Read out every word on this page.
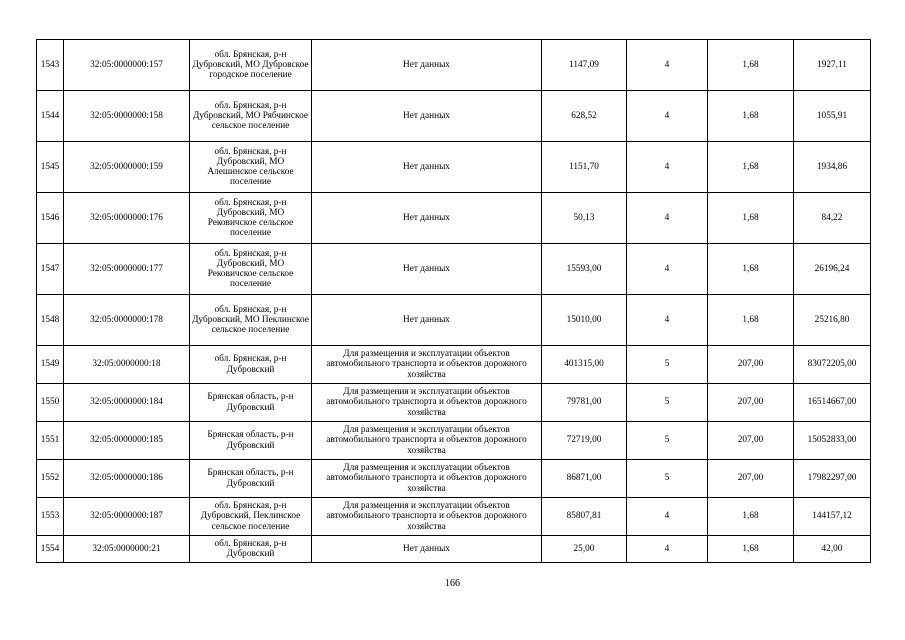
1543	32:05:0000000:157	обл. Брянская, р-н Дубровский, МО Дубровское городское поселение	Нет данных	1147,09	4	1,68	1927,11
1544	32:05:0000000:158	обл. Брянская, р-н Дубровский, МО Рябчинское сельское поселение	Нет данных	628,52	4	1,68	1055,91
1545	32:05:0000000:159	обл. Брянская, р-н Дубровский, МО Алешинское сельское поселение	Нет данных	1151,70	4	1,68	1934,86
1546	32:05:0000000:176	обл. Брянская, р-н Дубровский, МО Рековичское сельское поселение	Нет данных	50,13	4	1,68	84,22
1547	32:05:0000000:177	обл. Брянская, р-н Дубровский, МО Рековичское сельское поселение	Нет данных	15593,00	4	1,68	26196,24
1548	32:05:0000000:178	обл. Брянская, р-н Дубровский, МО Пеклинское сельское поселение	Нет данных	15010,00	4	1,68	25216,80
1549	32:05:0000000:18	обл. Брянская, р-н Дубровский	Для размещения и эксплуатации объектов автомобильного транспорта и объектов дорожного хозяйства	401315,00	5	207,00	83072205,00
1550	32:05:0000000:184	Брянская область, р-н Дубровский	Для размещения и эксплуатации объектов автомобильного транспорта и объектов дорожного хозяйства	79781,00	5	207,00	16514667,00
1551	32:05:0000000:185	Брянская область, р-н Дубровский	Для размещения и эксплуатации объектов автомобильного транспорта и объектов дорожного хозяйства	72719,00	5	207,00	15052833,00
1552	32:05:0000000:186	Брянская область, р-н Дубровский	Для размещения и эксплуатации объектов автомобильного транспорта и объектов дорожного хозяйства	86871,00	5	207,00	17982297,00
1553	32:05:0000000:187	обл. Брянская, р-н Дубровский, Пеклинское сельское поселение	Для размещения и эксплуатации объектов автомобильного транспорта и объектов дорожного хозяйства	85807,81	4	1,68	144157,12
1554	32:05:0000000:21	обл. Брянская, р-н Дубровский	Нет данных	25,00	4	1,68	42,00
166
